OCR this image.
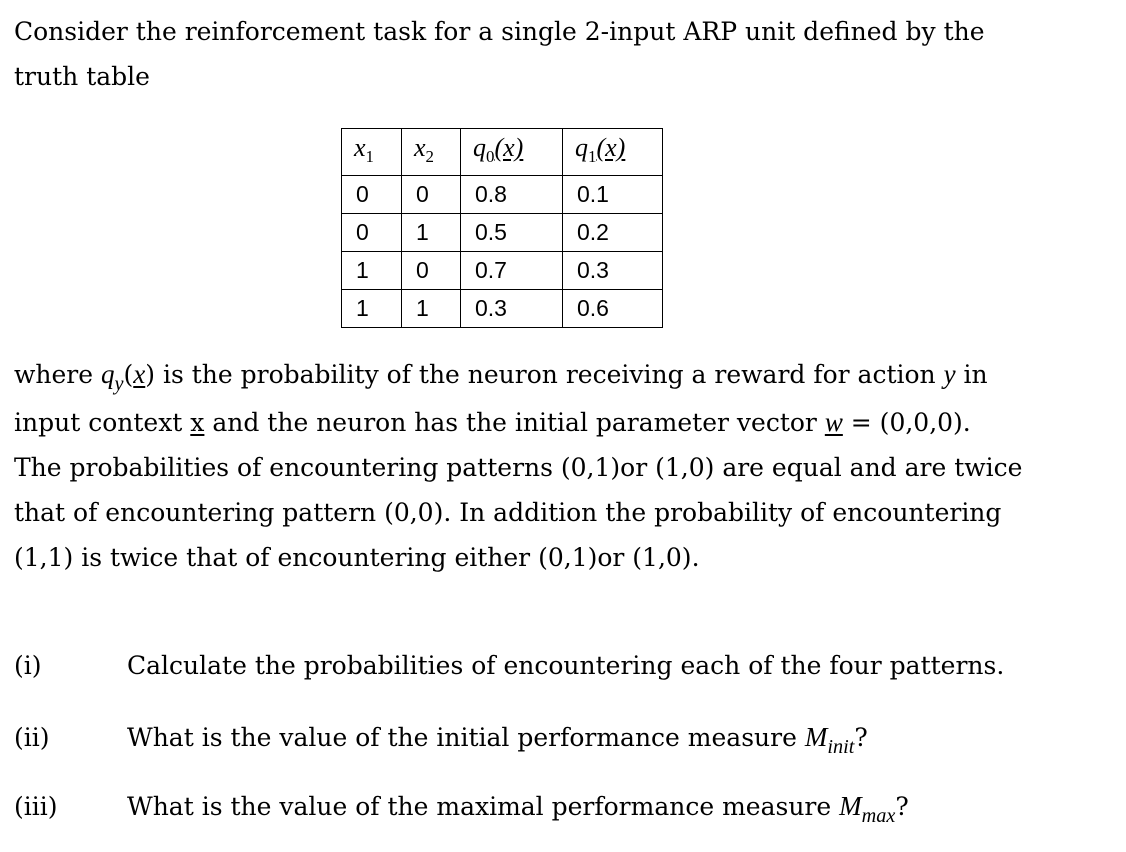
Consider the reinforcement task for a single 2-input ARP unit defined by the
truth table
$x_1$	$x_2$	$q_0(x)$	$q_1(x)$
0	0	0.8	0.1
0	1	0.5	0.2
1	0	0.7	0.3
1	1	0.3	0.6
where $q_y(x)$ is the probability of the neuron receiving a reward for action y in
input context x and the neuron has the initial parameter vector w = (0,0,0).
The probabilities of encountering patterns (0,1)or (1,0) are equal and are twice
that of encountering pattern (0,0). In addition the probability of encountering
(1,1) is twice that of encountering either (0,1)or (1,0).
(i)	Calculate the probabilities of encountering each of the four patterns.
(ii)	What is the value of the initial performance measure $M_{init}$?
(iii)	What is the value of the maximal performance measure $M_{max}$?
